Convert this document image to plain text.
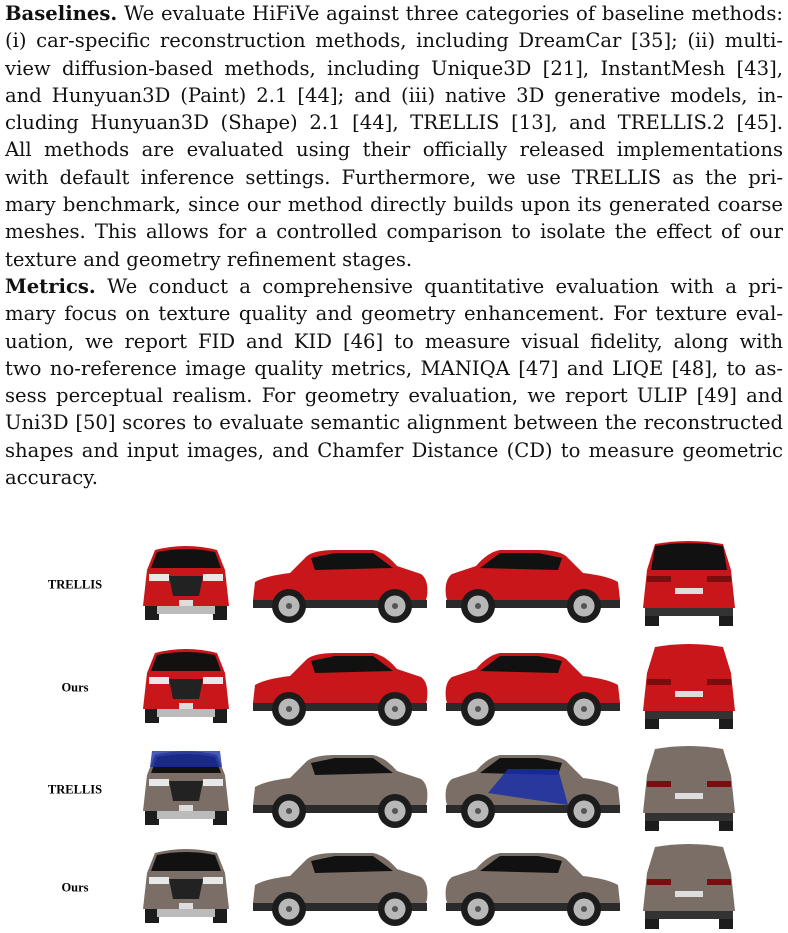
Baselines. We evaluate HiFiVe against three categories of baseline methods:
(i) car-specific reconstruction methods, including DreamCar [35]; (ii) multi-
view diffusion-based methods, including Unique3D [21], InstantMesh [43],
and Hunyuan3D (Paint) 2.1 [44]; and (iii) native 3D generative models, in-
cluding Hunyuan3D (Shape) 2.1 [44], TRELLIS [13], and TRELLIS.2 [45].
All methods are evaluated using their officially released implementations
with default inference settings. Furthermore, we use TRELLIS as the pri-
mary benchmark, since our method directly builds upon its generated coarse
meshes. This allows for a controlled comparison to isolate the effect of our
texture and geometry refinement stages.
Metrics. We conduct a comprehensive quantitative evaluation with a pri-
mary focus on texture quality and geometry enhancement. For texture eval-
uation, we report FID and KID [46] to measure visual fidelity, along with
two no-reference image quality metrics, MANIQA [47] and LIQE [48], to as-
sess perceptual realism. For geometry evaluation, we report ULIP [49] and
Uni3D [50] scores to evaluate semantic alignment between the reconstructed
shapes and input images, and Chamfer Distance (CD) to measure geometric
accuracy.
TRELLIS
Ours
TRELLIS
Ours
